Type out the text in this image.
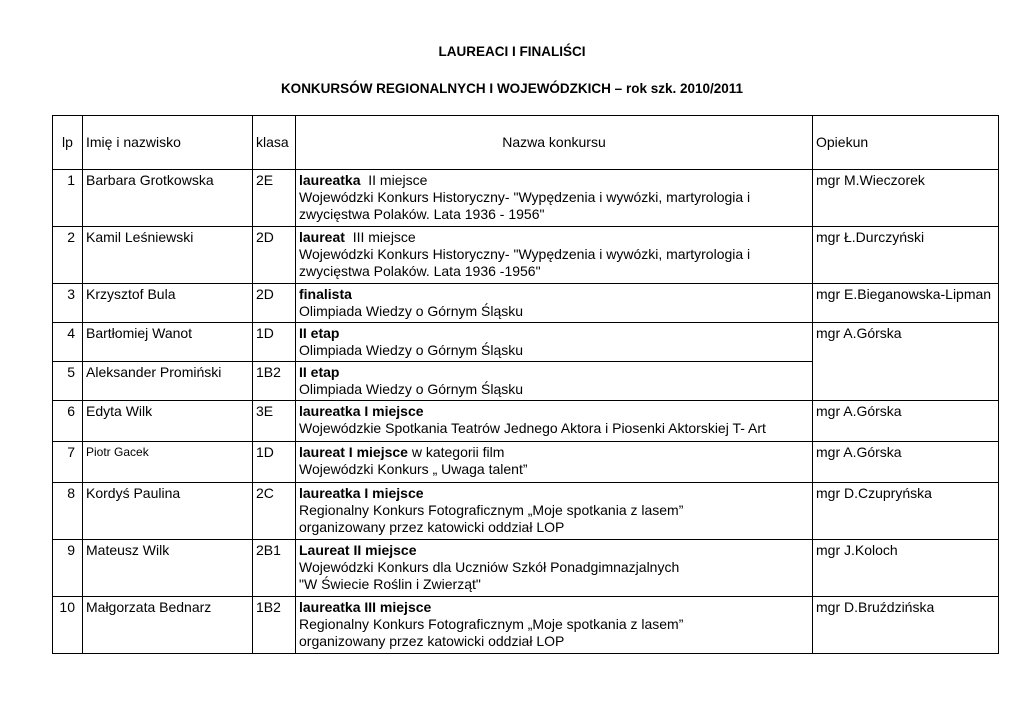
LAUREACI I FINALIŚCI
KONKURSÓW REGIONALNYCH I WOJEWÓDZKICH – rok szk. 2010/2011
lp	Imię i nazwisko	klasa	Nazwa konkursu	Opiekun
1	Barbara Grotkowska	2E	laureatka  II miejsce
Wojewódzki Konkurs Historyczny- "Wypędzenia i wywózki, martyrologia i
zwycięstwa Polaków. Lata 1936 - 1956"	mgr M.Wieczorek
2	Kamil Leśniewski	2D	laureat  III miejsce
Wojewódzki Konkurs Historyczny- "Wypędzenia i wywózki, martyrologia i
zwycięstwa Polaków. Lata 1936 -1956"	mgr Ł.Durczyński
3	Krzysztof Bula	2D	finalista
Olimpiada Wiedzy o Górnym Śląsku	mgr E.Bieganowska-Lipman
4	Bartłomiej Wanot	1D	II etap
Olimpiada Wiedzy o Górnym Śląsku	mgr A.Górska
5	Aleksander Promiński	1B2	II etap
Olimpiada Wiedzy o Górnym Śląsku	

6	Edyta Wilk	3E	laureatka I miejsce
Wojewódzkie Spotkania Teatrów Jednego Aktora i Piosenki Aktorskiej T- Art	mgr A.Górska
7	Piotr Gacek	1D	laureat I miejsce w kategorii film
Wojewódzki Konkurs „ Uwaga talent”	mgr A.Górska
8	Kordyś Paulina	2C	laureatka I miejsce
Regionalny Konkurs Fotograficznym „Moje spotkania z lasem”
organizowany przez katowicki oddział LOP	mgr D.Czupryńska
9	Mateusz Wilk	2B1	Laureat II miejsce
Wojewódzki Konkurs dla Uczniów Szkół Ponadgimnazjalnych
"W Świecie Roślin i Zwierząt"	mgr J.Koloch
10	Małgorzata Bednarz	1B2	laureatka III miejsce
Regionalny Konkurs Fotograficznym „Moje spotkania z lasem”
organizowany przez katowicki oddział LOP	mgr D.Bruździńska
